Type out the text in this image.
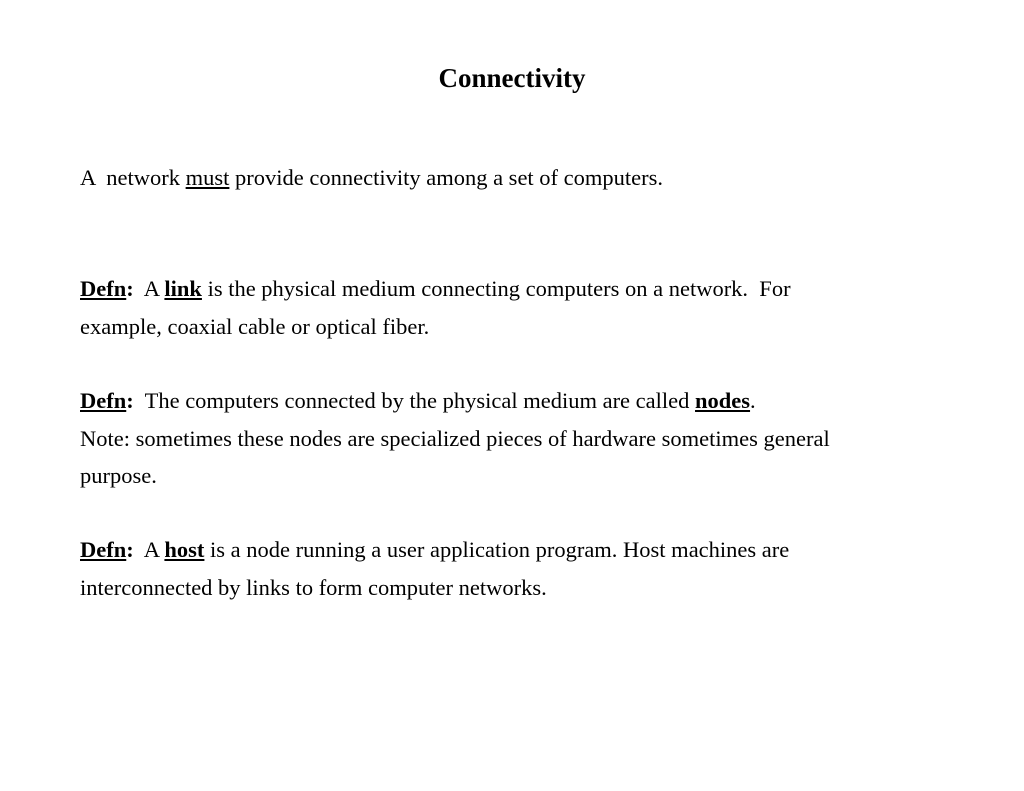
Connectivity
A  network must provide connectivity among a set of computers.
Defn:  A link is the physical medium connecting computers on a network.  For
example, coaxial cable or optical fiber.
Defn:  The computers connected by the physical medium are called nodes.
Note: sometimes these nodes are specialized pieces of hardware sometimes general
purpose.
Defn:  A host is a node running a user application program. Host machines are
interconnected by links to form computer networks.
